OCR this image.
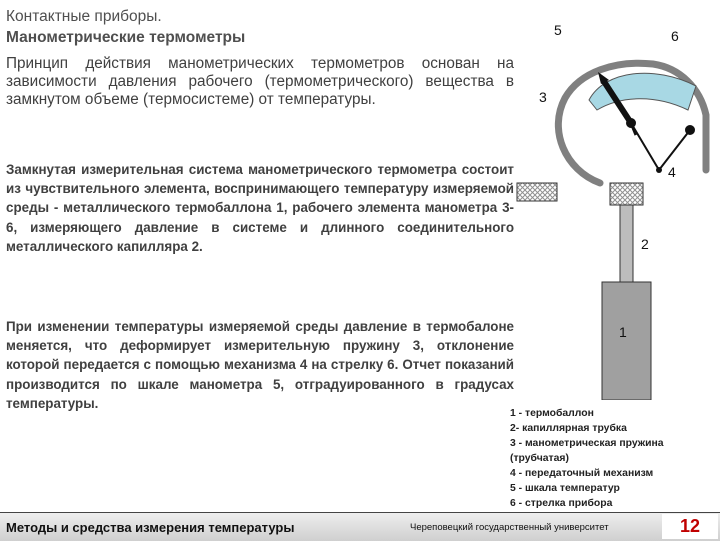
Контактные приборы.
Манометрические термометры
Принцип действия манометрических термометров основан на зависимости давления рабочего (термометрического) вещества в замкнутом объеме (термосистеме) от температуры.
Замкнутая измерительная система манометрического термометра состоит из чувствительного элемента, воспринимающего температуру измеряемой среды - металлического термобаллона 1, рабочего элемента манометра 3-6, измеряющего давление в системе и длинного соединительного металлического капилляра 2.
При изменении температуры измеряемой среды давление в термобалоне меняется, что деформирует измерительную пружину 3, отклонение которой передается с помощью механизма 4 на стрелку 6. Отчет показаний производится по шкале манометра 5, отградуированного в градусах температуры.
5	6
3
4
2
1
1 - термобаллон
2- капиллярная трубка
3 - манометрическая пружина
(трубчатая)
4 - передаточный механизм
5 - шкала температур
6 - стрелка прибора
Методы и средства измерения температуры	Череповецкий государственный университет	12
